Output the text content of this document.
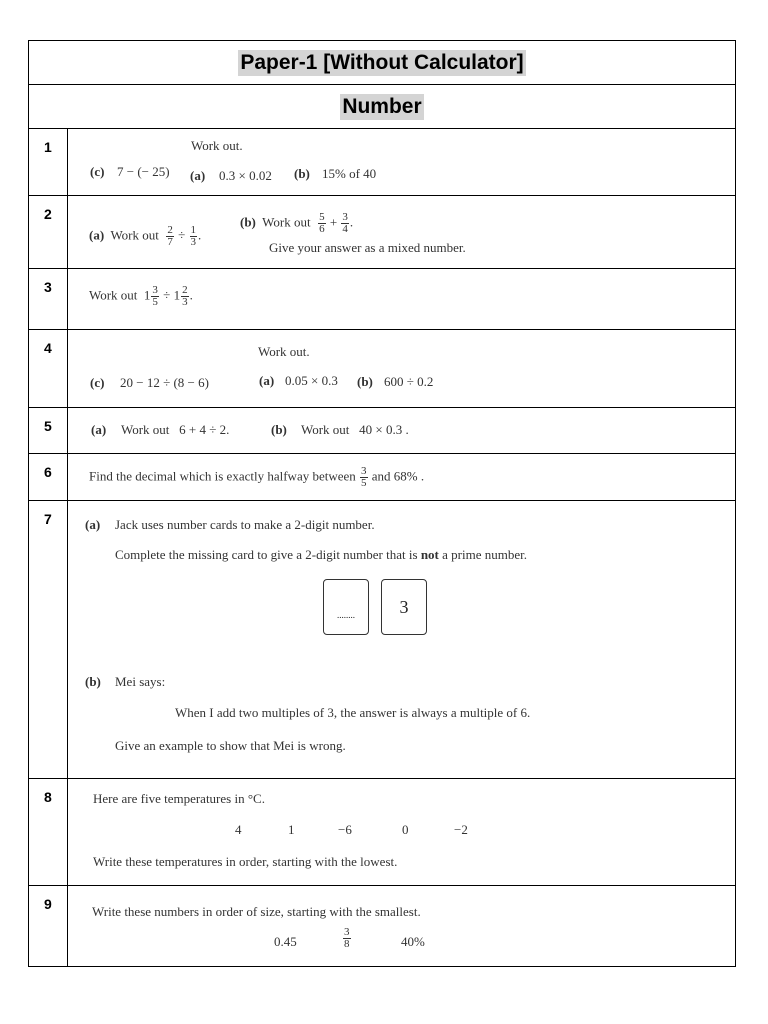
Paper-1 [Without Calculator]
Number
1	Work out.
(c) 7 − (− 25) (a) 0.3 × 0.02 (b) 15% of 40
2
(a) Work out $\frac{2}{7} \div \frac{1}{3}$ .
(b) Work out $\frac{5}{6} + \frac{3}{4}$ .
Give your answer as a mixed number.
3	Work out $1 \frac{3}{5} \div 1 \frac{2}{3}$ .
4	Work out.
(c) 20 − 12 ÷ (8 − 6)	(a) 0.05 × 0.3 (b) 600 ÷ 0.2
5	(a) Work out   6 + 4 ÷ 2.	(b) Work out   40 × 0.3 .
6	Find the decimal which is exactly halfway between $\frac{3}{5}$ and 68% .
7	(a) Jack uses number cards to make a 2-digit number.
Complete the missing card to give a 2-digit number that is not a prime number.
........	3
(b) Mei says:
When I add two multiples of 3, the answer is always a multiple of 6.
Give an example to show that Mei is wrong.
8	Here are five temperatures in °C.
4	1	−6	0	−2
Write these temperatures in order, starting with the lowest.
9	Write these numbers in order of size, starting with the smallest.
0.45	$\frac{3}{8}$	40%
